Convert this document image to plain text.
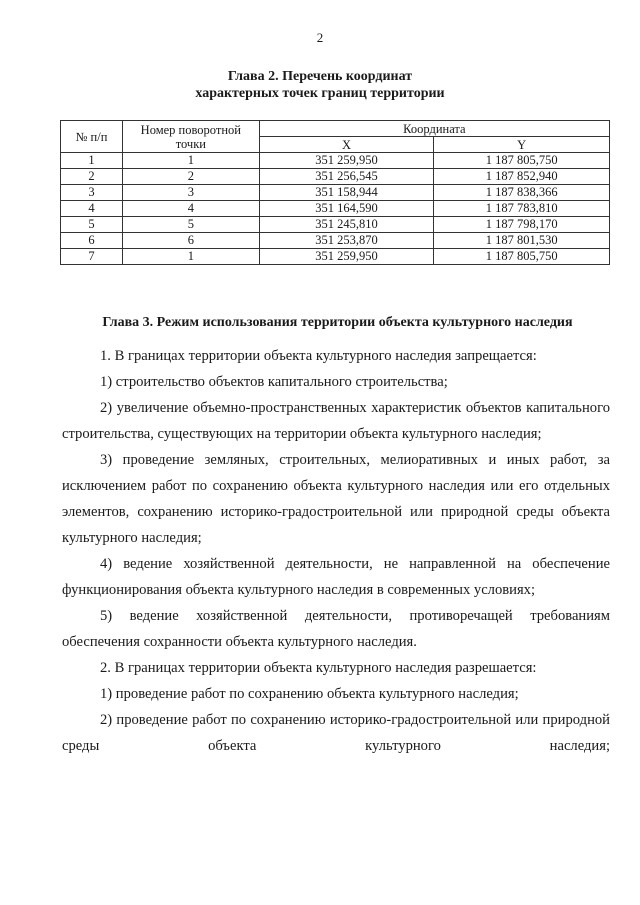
2
Глава 2. Перечень координат
характерных точек границ территории
№ п/п	Номер поворотной точки	Координата	
		X	Y
1	1	351 259,950	1 187 805,750
2	2	351 256,545	1 187 852,940
3	3	351 158,944	1 187 838,366
4	4	351 164,590	1 187 783,810
5	5	351 245,810	1 187 798,170
6	6	351 253,870	1 187 801,530
7	1	351 259,950	1 187 805,750
Глава 3. Режим использования территории объекта культурного наследия

1. В границах территории объекта культурного наследия запрещается:

1) строительство объектов капитального строительства;

2) увеличение объемно-пространственных характеристик объектов капитального строительства, существующих на территории объекта культурного наследия;

3) проведение земляных, строительных, мелиоративных и иных работ, за исключением работ по сохранению объекта культурного наследия или его отдельных элементов, сохранению историко-градостроительной или природной среды объекта культурного наследия;

4) ведение хозяйственной деятельности, не направленной на обеспечение функционирования объекта культурного наследия в современных условиях;

5) ведение хозяйственной деятельности, противоречащей требованиям обеспечения сохранности объекта культурного наследия.

2. В границах территории объекта культурного наследия разрешается:

1) проведение работ по сохранению объекта культурного наследия;

2) проведение работ по сохранению историко-градостроительной или природной среды объекта культурного наследия;
